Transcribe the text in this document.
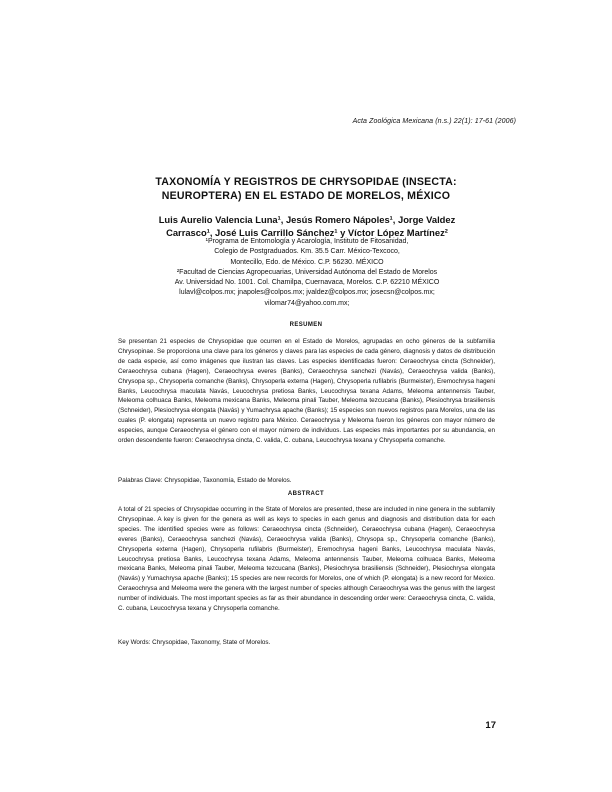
Acta Zoológica Mexicana (n.s.) 22(1): 17-61 (2006)
TAXONOMÍA Y REGISTROS DE CHRYSOPIDAE (INSECTA:
NEUROPTERA) EN EL ESTADO DE MORELOS, MÉXICO
Luis Aurelio Valencia Luna¹, Jesús Romero Nápoles¹, Jorge Valdez
Carrasco¹, José Luis Carrillo Sánchez¹ y Víctor López Martínez²

¹Programa de Entomología y Acarología, Instituto de Fitosanidad,

Colegio de Postgraduados. Km. 35.5 Carr. México-Texcoco,

Montecillo, Edo. de México. C.P. 56230. MÉXICO

²Facultad de Ciencias Agropecuarias, Universidad Autónoma del Estado de Morelos

Av. Universidad No. 1001. Col. Chamilpa, Cuernavaca, Morelos. C.P. 62210 MÉXICO

lulavl@colpos.mx; jnapoles@colpos.mx; jvaldez@colpos.mx; josecsn@colpos.mx;

vilomar74@yahoo.com.mx;

RESUMEN

Se presentan 21 especies de Chrysopidae que ocurren en el Estado de Morelos, agrupadas en ocho géneros de la subfamilia Chrysopinae. Se proporciona una clave para los géneros y claves para las especies de cada género, diagnosis y datos de distribución de cada especie, así como imágenes que ilustran las claves. Las especies identificadas fueron: Ceraeochrysa cincta (Schneider), Ceraeochrysa cubana (Hagen), Ceraeochrysa everes (Banks), Ceraeochrysa sanchezi (Navás), Ceraeochrysa valida (Banks), Chrysopa sp., Chrysoperla comanche (Banks), Chrysoperla externa (Hagen), Chrysoperla rufilabris (Burmeister), Eremochrysa hageni Banks, Leucochrysa maculata Navás, Leucochrysa pretiosa Banks, Leucochrysa texana Adams, Meleoma antennensis Tauber, Meleoma colhuaca Banks, Meleoma mexicana Banks, Meleoma pinali Tauber, Meleoma tezcucana (Banks), Plesiochrysa brasiliensis (Schneider), Plesiochrysa elongata (Navás) y Yumachrysa apache (Banks); 15 especies son nuevos registros para Morelos, una de las cuales (P. elongata) representa un nuevo registro para México. Ceraeochrysa y Meleoma fueron los géneros con mayor número de especies, aunque Ceraeochrysa el género con el mayor número de individuos. Las especies más importantes por su abundancia, en orden descendente fueron: Ceraeochrysa cincta, C. valida, C. cubana, Leucochrysa texana y Chrysoperla comanche.

Palabras Clave: Chrysopidae, Taxonomía, Estado de Morelos.

ABSTRACT

A total of 21 species of Chrysopidae occurring in the State of Morelos are presented, these are included in nine genera in the subfamily Chrysopinae. A key is given for the genera as well as keys to species in each genus and diagnosis and distribution data for each species. The identified species were as follows: Ceraeochrysa cincta (Schneider), Ceraeochrysa cubana (Hagen), Ceraeochrysa everes (Banks), Ceraeochrysa sanchezi (Navás), Ceraeochrysa valida (Banks), Chrysopa sp., Chrysoperla comanche (Banks), Chrysoperla externa (Hagen), Chrysoperla rufilabris (Burmeister), Eremochrysa hageni Banks, Leucochrysa maculata Navás, Leucochrysa pretiosa Banks, Leucochrysa texana Adams, Meleoma antennensis Tauber, Meleoma colhuaca Banks, Meleoma mexicana Banks, Meleoma pinali Tauber, Meleoma tezcucana (Banks), Plesiochrysa brasiliensis (Schneider), Plesiochrysa elongata (Navás) y Yumachrysa apache (Banks); 15 species are new records for Morelos, one of which (P. elongata) is a new record for Mexico. Ceraeochrysa and Meleoma were the genera with the largest number of species although Ceraeochrysa was the genus with the largest number of individuals. The most important species as far as their abundance in descending order were: Ceraeochrysa cincta, C. valida, C. cubana, Leucochrysa texana y Chrysoperla comanche.

Key Words: Chrysopidae, Taxonomy, State of Morelos.

17
